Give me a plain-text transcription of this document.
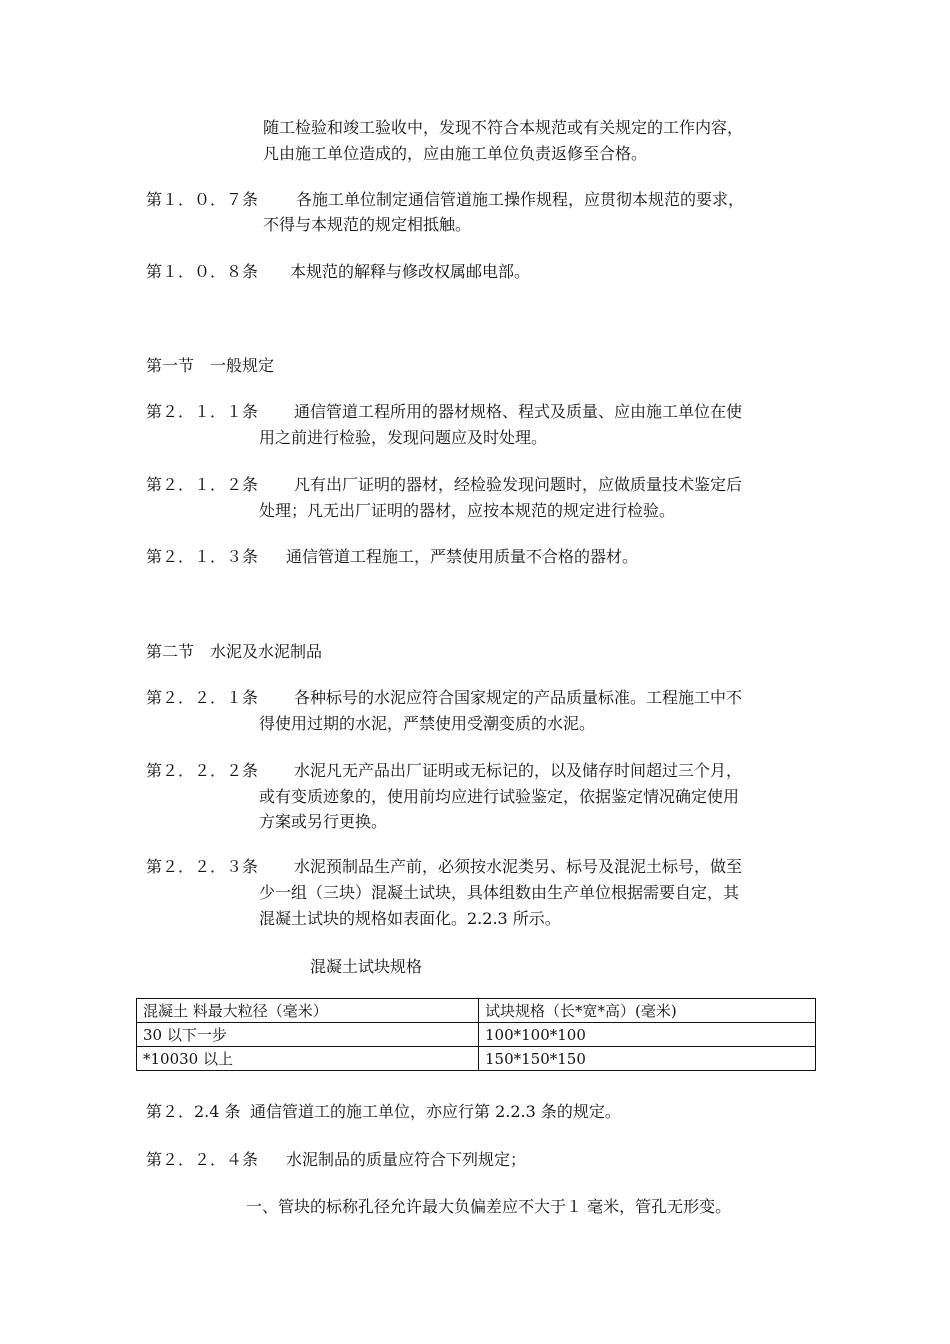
随工检验和竣工验收中，发现不符合本规范或有关规定的工作内容，
凡由施工单位造成的，应由施工单位负责返修至合格。
第１．０．７条 各施工单位制定通信管道施工操作规程，应贯彻本规范的要求，
不得与本规范的规定相抵触。
第１．０．８条 本规范的解释与修改权属邮电部。
第一节　一般规定
第２．１．１条 通信管道工程所用的器材规格、程式及质量、应由施工单位在使
用之前进行检验，发现问题应及时处理。
第２．１．２条 凡有出厂证明的器材，经检验发现问题时，应做质量技术鉴定后
处理；凡无出厂证明的器材，应按本规范的规定进行检验。
第２．１．３条 通信管道工程施工，严禁使用质量不合格的器材。
第二节　水泥及水泥制品
第２．２．１条 各种标号的水泥应符合国家规定的产品质量标准。工程施工中不
得使用过期的水泥，严禁使用受潮变质的水泥。
第２．２．２条 水泥凡无产品出厂证明或无标记的，以及储存时间超过三个月，
或有变质迹象的，使用前均应进行试验鉴定，依据鉴定情况确定使用
方案或另行更换。
第２．２．３条 水泥预制品生产前，必须按水泥类另、标号及混泥土标号，做至
少一组（三块）混凝土试块，具体组数由生产单位根据需要自定，其
混凝土试块的规格如表面化。2.2.3 所示。
混凝土试块规格
混凝土 料最大粒径（毫米）	试块规格（长*宽*高）(毫米)
30 以下一步	100*100*100
*10030 以上	150*150*150
第２．2.4 条 通信管道工的施工单位，亦应行第 2.2.3 条的规定。
第２．２．４条 水泥制品的质量应符合下列规定；
一、管块的标称孔径允许最大负偏差应不大于１ 毫米，管孔无形变。
